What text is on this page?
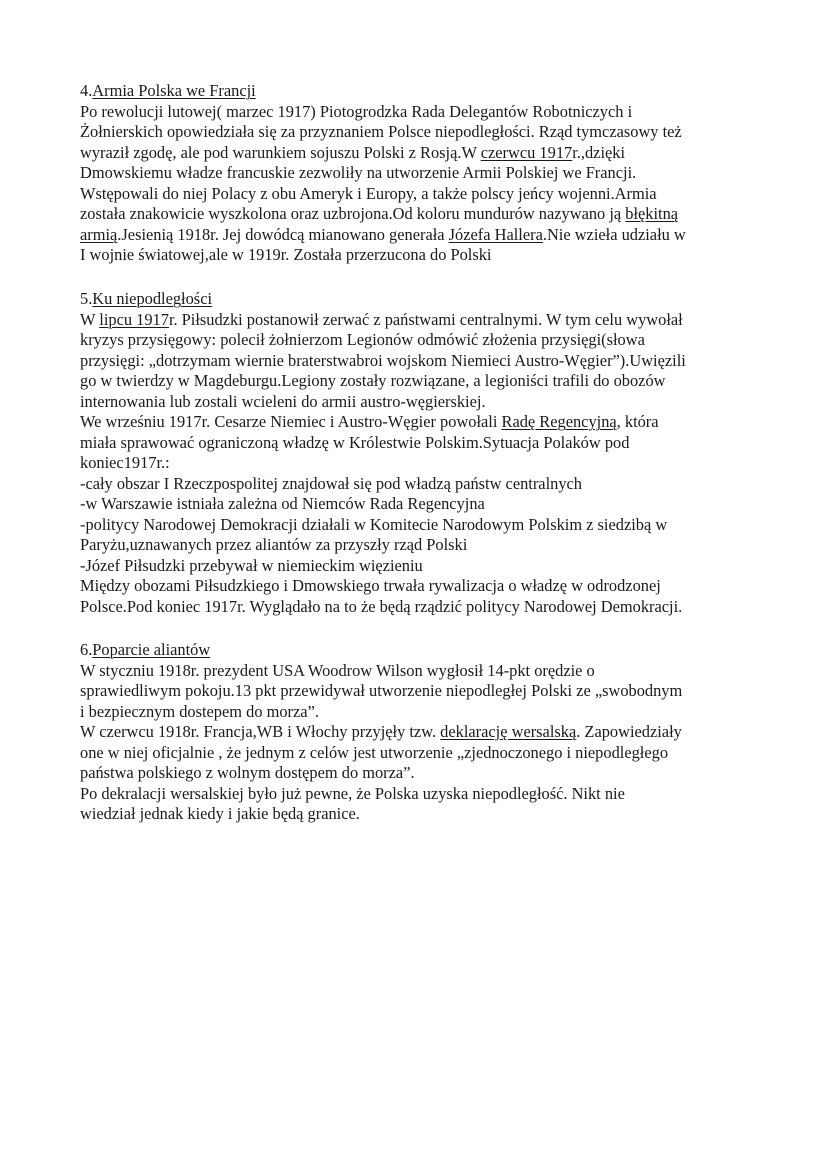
4.Armia Polska we Francji
Po rewolucji lutowej( marzec 1917) Piotogrodzka Rada Delegantów Robotniczych i
Żołnierskich opowiedziała się za przyznaniem Polsce niepodległości. Rząd tymczasowy też
wyraził zgodę, ale pod warunkiem sojuszu Polski z Rosją.W czerwcu 1917r.,dzięki
Dmowskiemu władze francuskie zezwoliły na utworzenie Armii Polskiej we Francji.
Wstępowali do niej Polacy z obu Ameryk i Europy, a także polscy jeńcy wojenni.Armia
została znakowicie wyszkolona oraz uzbrojona.Od koloru mundurów nazywano ją błękitną
armią.Jesienią 1918r. Jej dowódcą mianowano generała Józefa Hallera.Nie wzieła udziału w
I wojnie światowej,ale w 1919r. Została przerzucona do Polski
5.Ku niepodległości
W lipcu 1917r. Piłsudzki postanowił zerwać z państwami centralnymi. W tym celu wywołał
kryzys przysięgowy: polecił żołnierzom Legionów odmówić złożenia przysięgi(słowa
przysięgi: „dotrzymam wiernie braterstwabroi wojskom Niemieci Austro-Węgier”).Uwięzili
go w twierdzy w Magdeburgu.Legiony zostały rozwiązane, a legioniści trafili do obozów
internowania lub zostali wcieleni do armii austro-węgierskiej.
We wrześniu 1917r. Cesarze Niemiec i Austro-Węgier powołali Radę Regencyjną, która
miała sprawować ograniczoną władzę w Królestwie Polskim.Sytuacja Polaków pod
koniec1917r.:
-cały obszar I Rzeczpospolitej znajdował się pod władzą państw centralnych
-w Warszawie istniała zależna od Niemców Rada Regencyjna
-politycy Narodowej Demokracji działali w Komitecie Narodowym Polskim z siedzibą w
Paryżu,uznawanych przez aliantów za przyszły rząd Polski
-Józef Piłsudzki przebywał w niemieckim więzieniu
Między obozami Piłsudzkiego i Dmowskiego trwała rywalizacja o władzę w odrodzonej
Polsce.Pod koniec 1917r. Wyglądało na to że będą rządzić politycy Narodowej Demokracji.
6.Poparcie aliantów
W styczniu 1918r. prezydent USA Woodrow Wilson wygłosił 14-pkt orędzie o
sprawiedliwym pokoju.13 pkt przewidywał utworzenie niepodległej Polski ze „swobodnym
i bezpiecznym dostepem do morza”.
W czerwcu 1918r. Francja,WB i Włochy przyjęły tzw. deklarację wersalską. Zapowiedziały
one w niej oficjalnie , że jednym z celów jest utworzenie „zjednoczonego i niepodległego
państwa polskiego z wolnym dostępem do morza”.
Po dekralacji wersalskiej było już pewne, że Polska uzyska niepodległość. Nikt nie
wiedział jednak kiedy i jakie będą granice.
